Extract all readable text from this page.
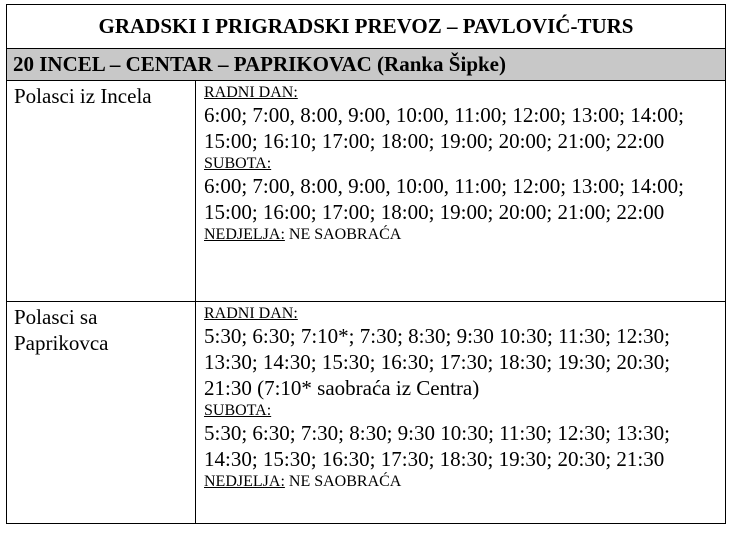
GRADSKI I PRIGRADSKI PREVOZ – PAVLOVIĆ-TURS
20 INCEL – CENTAR – PAPRIKOVAC (Ranka Šipke)
Polasci iz Incela	RADNI DAN:
6:00; 7:00, 8:00, 9:00, 10:00, 11:00; 12:00; 13:00; 14:00; 15:00; 16:10; 17:00; 18:00; 19:00; 20:00; 21:00; 22:00
SUBOTA:
6:00; 7:00, 8:00, 9:00, 10:00, 11:00; 12:00; 13:00; 14:00; 15:00; 16:00; 17:00; 18:00; 19:00; 20:00; 21:00; 22:00
NEDJELJA: NE SAOBRAĆA
Polasci sa Paprikovca
RADNI DAN:
5:30; 6:30; 7:10*; 7:30; 8:30; 9:30 10:30; 11:30; 12:30; 13:30; 14:30; 15:30; 16:30; 17:30; 18:30; 19:30; 20:30; 21:30 (7:10* saobraća iz Centra)
SUBOTA:
5:30; 6:30; 7:30; 8:30; 9:30 10:30; 11:30; 12:30; 13:30; 14:30; 15:30; 16:30; 17:30; 18:30; 19:30; 20:30; 21:30
NEDJELJA: NE SAOBRAĆA
